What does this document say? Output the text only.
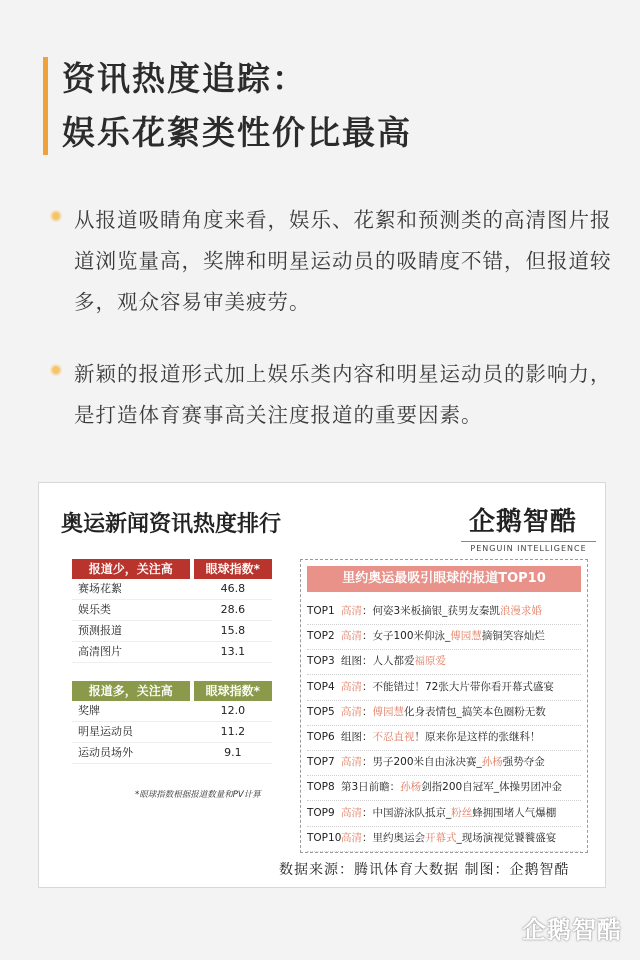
资讯热度追踪：
娱乐花絮类性价比最高
从报道吸睛角度来看，娱乐、花絮和预测类的高清图片报道浏览量高，奖牌和明星运动员的吸睛度不错，但报道较多，观众容易审美疲劳。
新颖的报道形式加上娱乐类内容和明星运动员的影响力，是打造体育赛事高关注度报道的重要因素。
奥运新闻资讯热度排行	企鹅智酷
PENGUIN INTELLIGENCE
报道少，关注高	眼球指数*
赛场花絮	46.8
娱乐类	28.6
预测报道	15.8
高清图片	13.1
报道多，关注高	眼球指数*
奖牌	12.0
明星运动员	11.2
运动员场外	9.1
*眼球指数根据报道数量和PV计算
里约奥运最吸引眼球的报道TOP10
TOP1 高清：何姿3米板摘银_获男友秦凯浪漫求婚
TOP2 高清：女子100米仰泳_傅园慧摘铜笑容灿烂
TOP3 组图：人人都爱福原爱
TOP4 高清：不能错过！72张大片带你看开幕式盛宴
TOP5 高清：傅园慧化身表情包_搞笑本色圈粉无数
TOP6 组图：不忍直视！原来你是这样的张继科！
TOP7 高清：男子200米自由泳决赛_孙杨强势夺金
TOP8 第3日前瞻：孙杨剑指200自冠军_体操男团冲金
TOP9 高清：中国游泳队抵京_粉丝蜂拥围堵人气爆棚
TOP10高清：里约奥运会开幕式_现场演视觉饕餮盛宴
数据来源：腾讯体育大数据 制图：企鹅智酷
企鹅智酷
